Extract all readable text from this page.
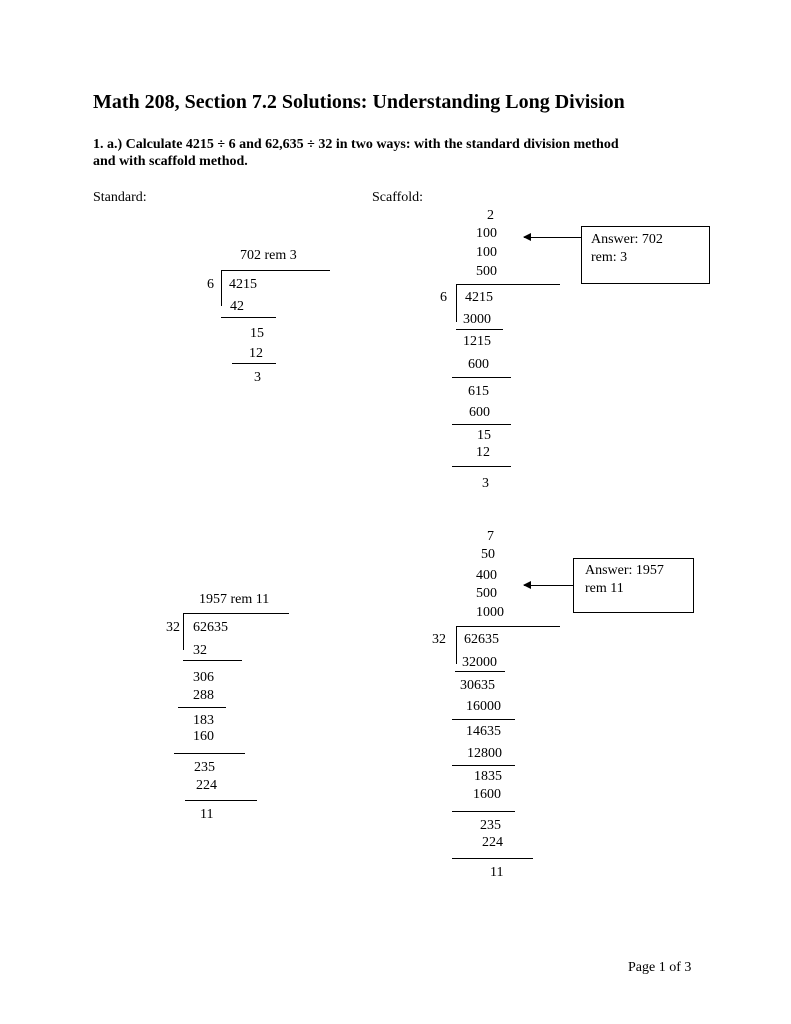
Math 208, Section 7.2 Solutions: Understanding Long Division
1. a.) Calculate 4215 ÷ 6 and 62,635 ÷ 32 in two ways: with the standard division method
and with scaffold method.
Standard:	Scaffold:
702 rem 3
6 4215
42
15
12
3
2
100
100
500
6 4215
3000
1215
600
615
600
15
12
3
Answer: 702
rem: 3
1957 rem 11
32 62635
32
306
288
183
160
235
224
11
7
50
400
500
1000
32 62635
32000
30635
16000
14635
12800
1835
1600
235
224
11
Answer: 1957
rem 11
Page 1 of 3
